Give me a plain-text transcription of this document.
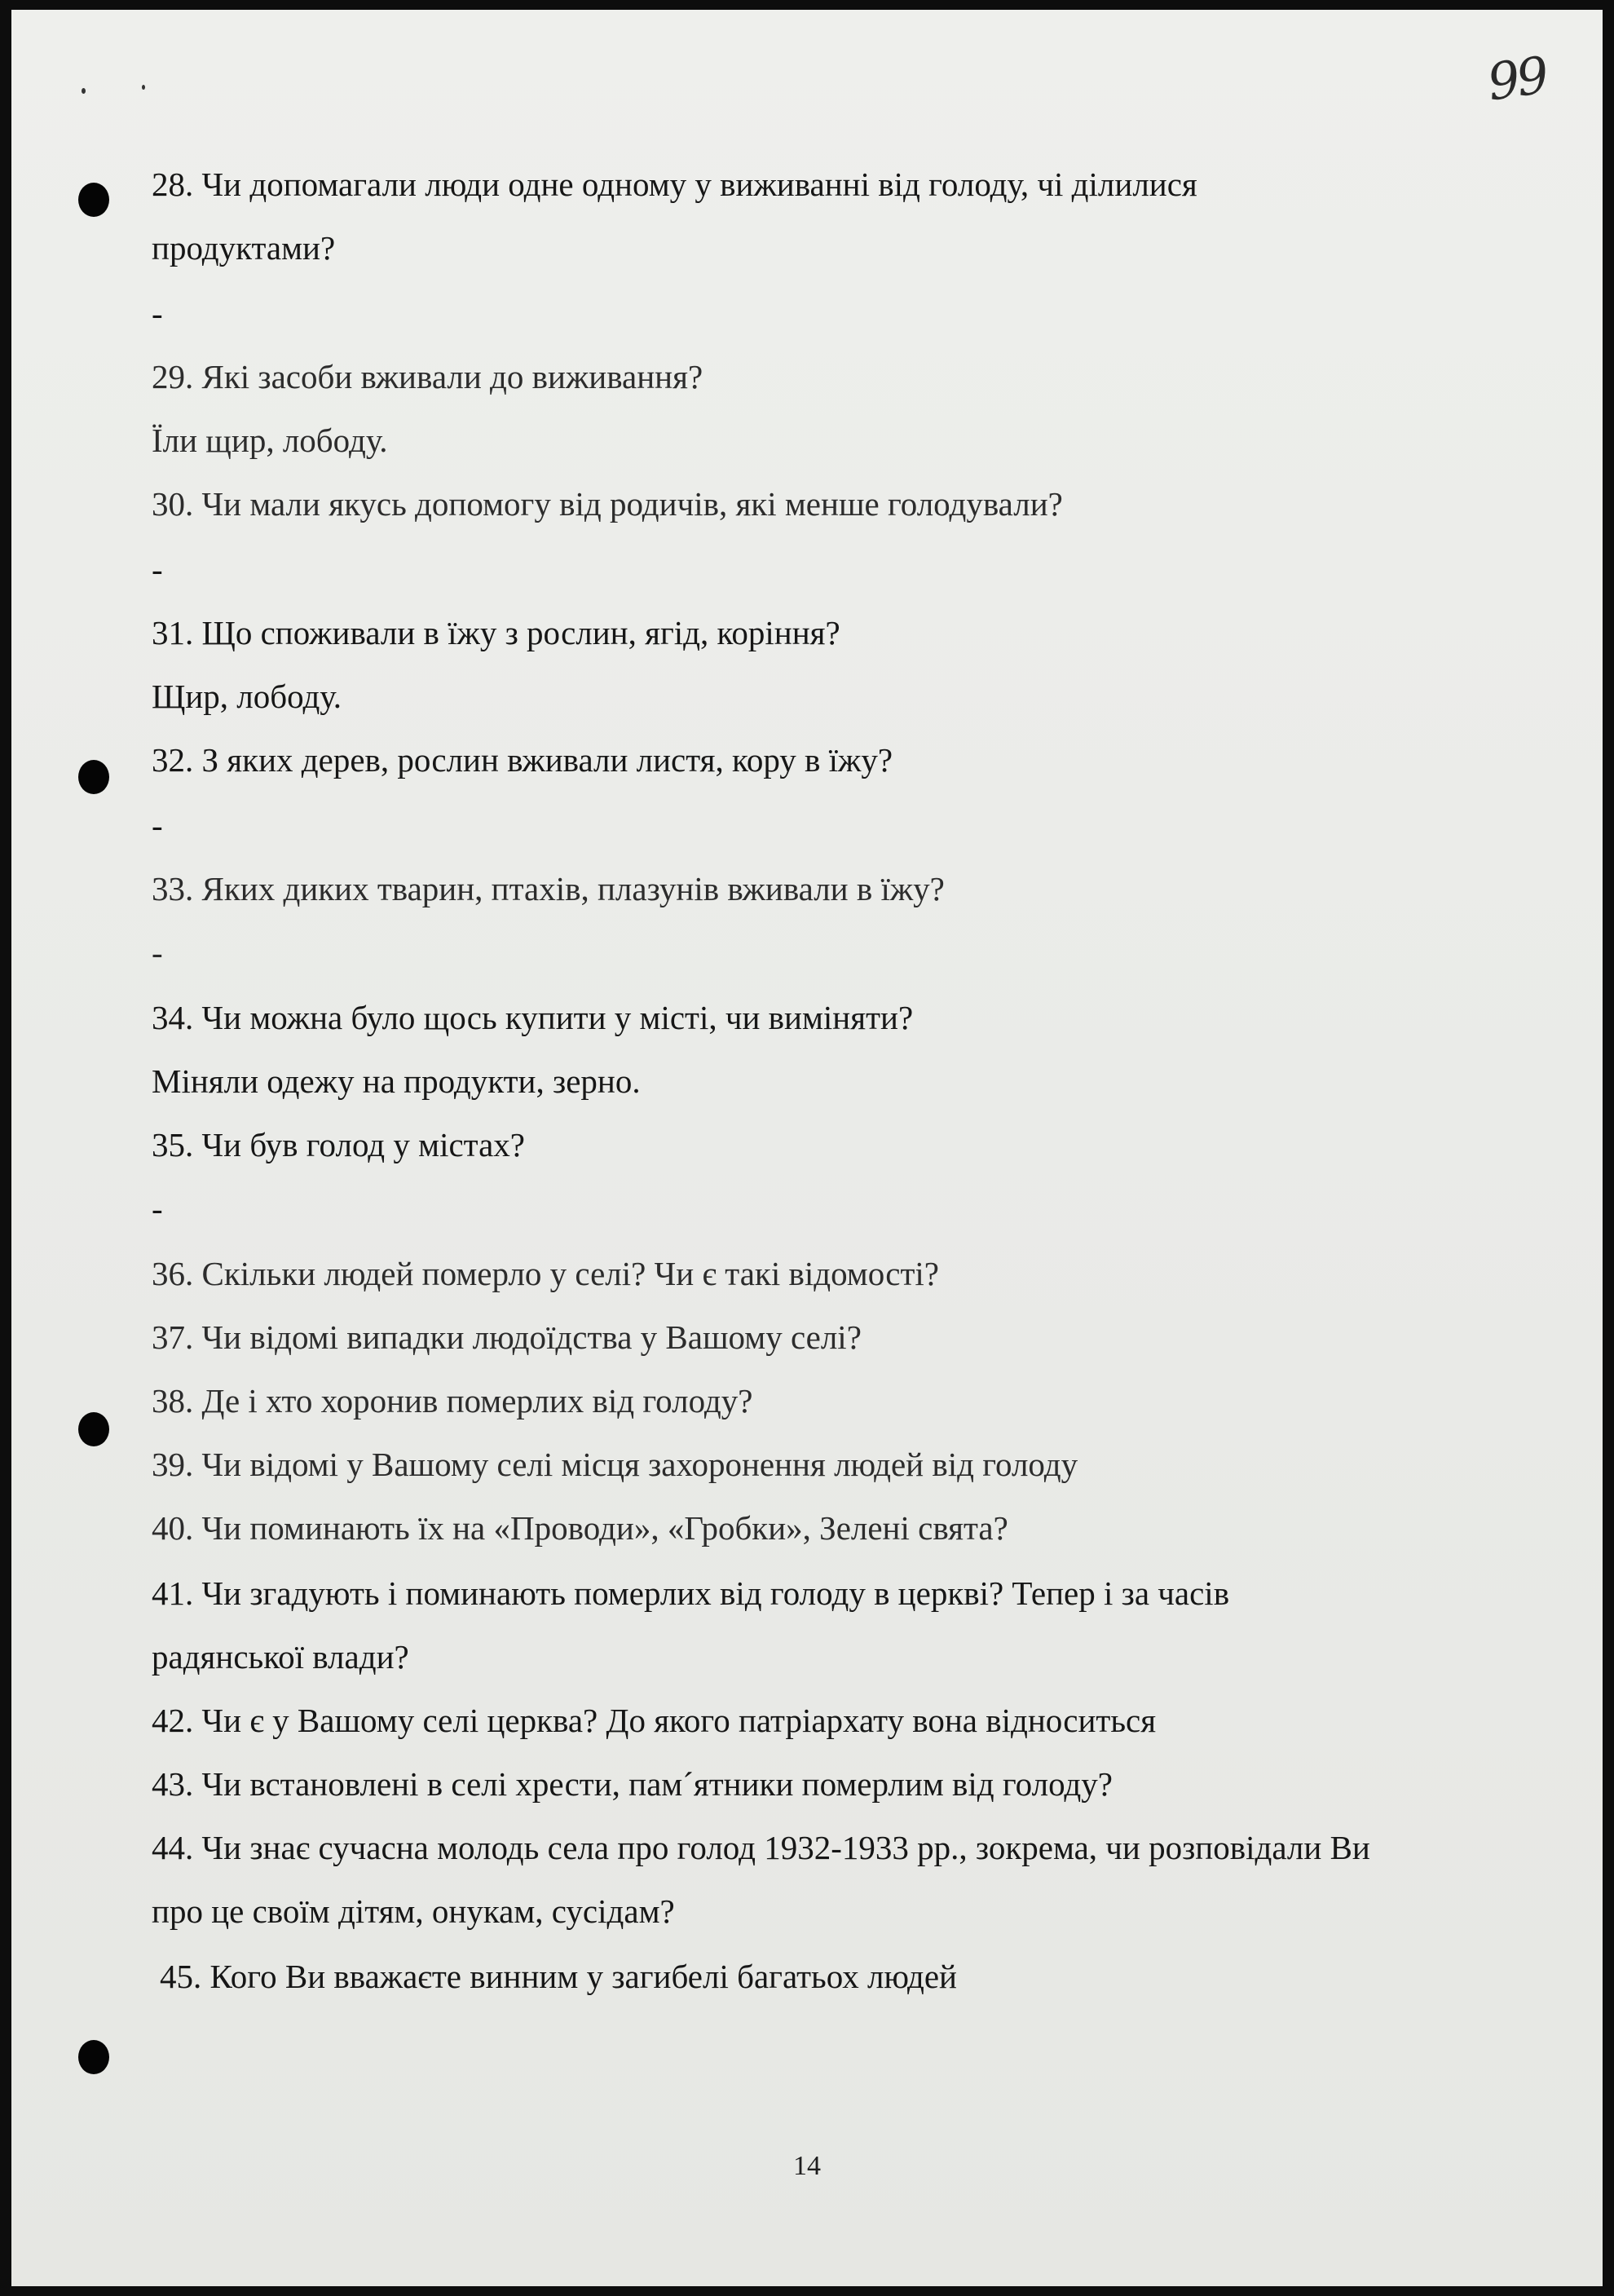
99
28. Чи допомагали люди одне одному у виживанні від голоду, чі ділилися
продуктами?
-
29. Які засоби вживали до виживання?
Їли щир, лободу.
30. Чи мали якусь допомогу від родичів, які менше голодували?
-
31. Що споживали в їжу з рослин, ягід, коріння?
Щир, лободу.
32. З яких дерев, рослин вживали листя, кору в їжу?
-
33. Яких диких тварин, птахів, плазунів вживали в їжу?
-
34. Чи можна було щось купити у місті, чи виміняти?
Міняли одежу на продукти, зерно.
35. Чи був голод у містах?
-
36. Скільки людей померло у селі? Чи є такі відомості?
37. Чи відомі випадки людоїдства у Вашому селі?
38. Де і хто хоронив померлих від голоду?
39. Чи відомі у Вашому селі місця захоронення людей від голоду
40. Чи поминають їх на «Проводи», «Гробки», Зелені свята?
41. Чи згадують і поминають померлих від голоду в церкві? Тепер і за часів
радянської влади?
42. Чи є у Вашому селі церква? До якого патріархату вона відноситься
43. Чи встановлені в селі хрести, пам´ятники померлим від голоду?
44. Чи знає сучасна молодь села про голод 1932-1933 рр., зокрема, чи розповідали Ви
про це своїм дітям, онукам, сусідам?
45. Кого Ви вважаєте винним у загибелі багатьох людей
14
